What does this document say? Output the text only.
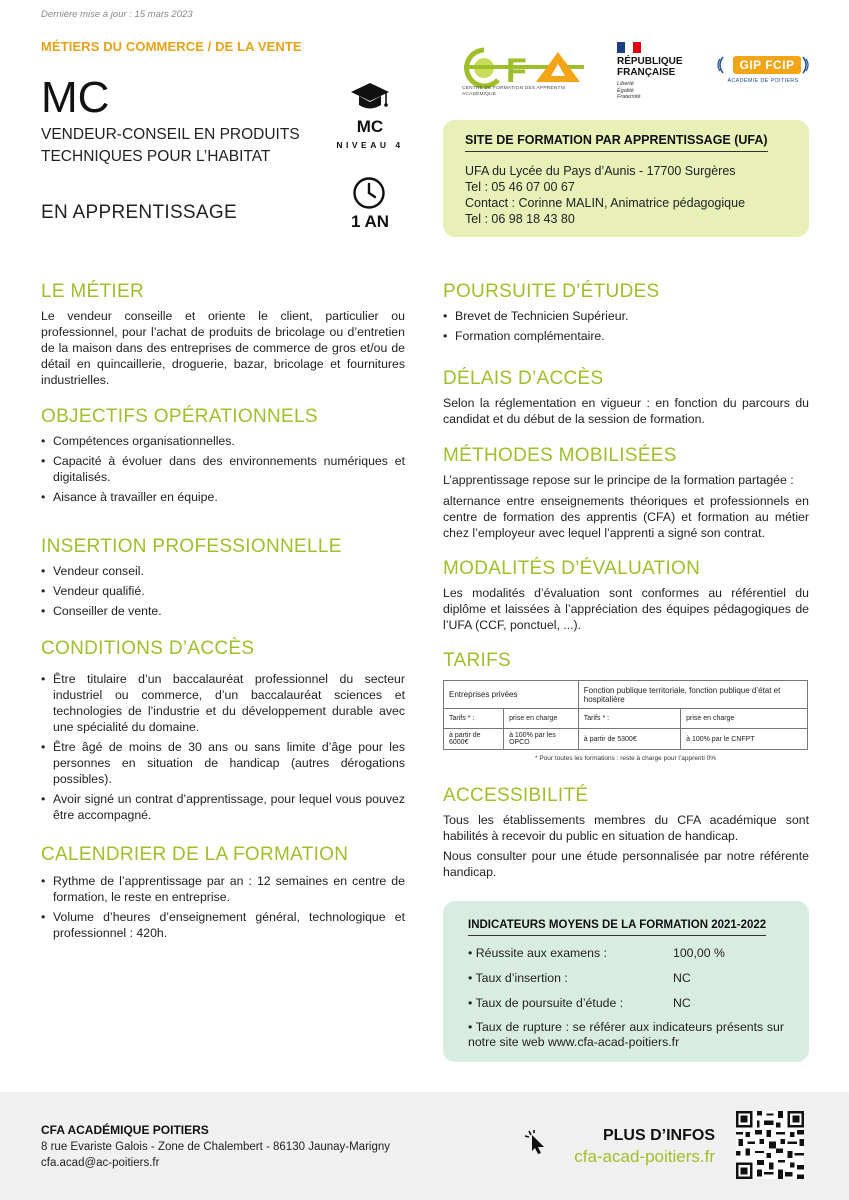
Dernière mise à jour : 15 mars 2023
MÉTIERS DU COMMERCE / DE LA VENTE
MC
VENDEUR-CONSEIL EN PRODUITS TECHNIQUES POUR L’HABITAT
EN APPRENTISSAGE
MC
NIVEAU 4
1 AN
F
CENTRE DE FORMATION DES APPRENTIS ACADÉMIQUE
RÉPUBLIQUE
FRANÇAISE
Liberté
Égalité
Fraternité
GIP FCIP
ACADÉMIE DE POITIERS
SITE DE FORMATION PAR APPRENTISSAGE (UFA)
UFA du Lycée du Pays d’Aunis - 17700 Surgères
Tel : 05 46 07 00 67
Contact : Corinne MALIN, Animatrice pédagogique
Tel : 06 98 18 43 80
LE MÉTIER

Le vendeur conseille et oriente le client, particulier ou professionnel, pour l’achat de produits de bricolage ou d’entretien de la maison dans des entreprises de commerce de gros et/ou de détail en quincaillerie, droguerie, bazar, bricolage et fournitures industrielles.

OBJECTIFS OPÉRATIONNELS
• Compétences organisationnelles.
• Capacité à évoluer dans des environnements numériques et digitalisés.
• Aisance à travailler en équipe.
INSERTION PROFESSIONNELLE
• Vendeur conseil.
• Vendeur qualifié.
• Conseiller de vente.
CONDITIONS D’ACCÈS
• Être titulaire d’un baccalauréat professionnel du secteur industriel ou commerce, d’un baccalauréat sciences et technologies de l’industrie et du développement durable avec une spécialité du domaine.
• Être âgé de moins de 30 ans ou sans limite d’âge pour les personnes en situation de handicap (autres dérogations possibles).
• Avoir signé un contrat d’apprentissage, pour lequel vous pouvez être accompagné.
CALENDRIER DE LA FORMATION
• Rythme de l’apprentissage par an : 12 semaines en centre de formation, le reste en entreprise.
• Volume d’heures d’enseignement général, technologique et professionnel : 420h.
POURSUITE D’ÉTUDES
• Brevet de Technicien Supérieur.
• Formation complémentaire.
DÉLAIS D’ACCÈS

Selon la réglementation en vigueur : en fonction du parcours du candidat et du début de la session de formation.

MÉTHODES MOBILISÉES

L’apprentissage repose sur le principe de la formation partagée :

alternance entre enseignements théoriques et professionnels en centre de formation des apprentis (CFA) et formation au métier chez l’employeur avec lequel l’apprenti a signé son contrat.

MODALITÉS D’ÉVALUATION

Les modalités d’évaluation sont conformes au référentiel du diplôme et laissées à l’appréciation des équipes pédagogiques de l’UFA (CCF, ponctuel, ...).

TARIFS
Entreprises privées		Fonction publique territoriale, fonction publique d’état et hospitalière	
Tarifs * :	prise en charge	Tarifs * :	prise en charge
à partir de 6000€	à 100% par les OPCO	à partir de 5300€	à 100% par le CNFPT
* Pour toutes les formations : reste à charge pour l’apprenti 0%
ACCESSIBILITÉ

Tous les établissements membres du CFA académique sont habilités à recevoir du public en situation de handicap.

Nous consulter pour une étude personnalisée par notre référente handicap.

INDICATEURS MOYENS DE LA FORMATION 2021-2022
• Réussite aux examens :	100,00 %
• Taux d’insertion :	NC
• Taux de poursuite d’étude :	NC
• Taux de rupture : se référer aux indicateurs présents sur notre site web www.cfa-acad-poitiers.fr
CFA ACADÉMIQUE POITIERS
8 rue Evariste Galois - Zone de Chalembert - 86130 Jaunay-Marigny
cfa.acad@ac-poitiers.fr
PLUS D’INFOS
cfa-acad-poitiers.fr
